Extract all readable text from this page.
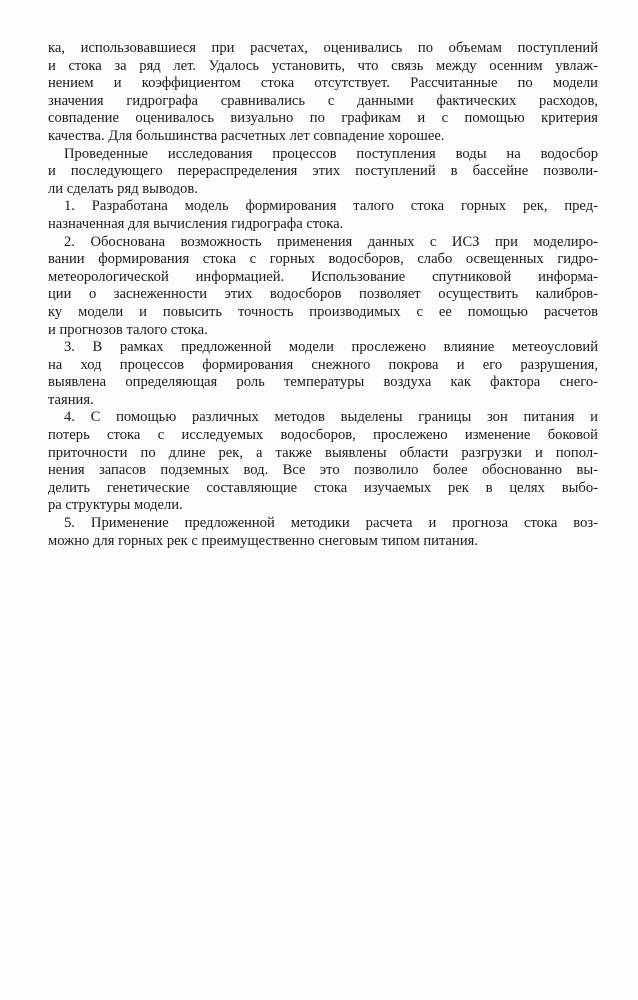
ка, использовавшиеся при расчетах, оценивались по объемам поступлений
и стока за ряд лет. Удалось установить, что связь между осенним увлаж-
нением и коэффициентом стока отсутствует. Рассчитанные по модели
значения гидрографа сравнивались с данными фактических расходов,
совпадение оценивалось визуально по графикам и с помощью критерия
качества. Для большинства расчетных лет совпадение хорошее.
Проведенные исследования процессов поступления воды на водосбор
и последующего перераспределения этих поступлений в бассейне позволи-
ли сделать ряд выводов.
1. Разработана модель формирования талого стока горных рек, пред-
назначенная для вычисления гидрографа стока.
2. Обоснована возможность применения данных с ИСЗ при моделиро-
вании формирования стока с горных водосборов, слабо освещенных гидро-
метеорологической информацией. Использование спутниковой информа-
ции о заснеженности этих водосборов позволяет осуществить калибров-
ку модели и повысить точность производимых с ее помощью расчетов
и прогнозов талого стока.
3. В рамках предложенной модели прослежено влияние метеоусловий
на ход процессов формирования снежного покрова и его разрушения,
выявлена определяющая роль температуры воздуха как фактора снего-
таяния.
4. С помощью различных методов выделены границы зон питания и
потерь стока с исследуемых водосборов, прослежено изменение боковой
приточности по длине рек, а также выявлены области разгрузки и попол-
нения запасов подземных вод. Все это позволило более обоснованно вы-
делить генетические составляющие стока изучаемых рек в целях выбо-
ра структуры модели.
5. Применение предложенной методики расчета и прогноза стока воз-
можно для горных рек с преимущественно снеговым типом питания.
